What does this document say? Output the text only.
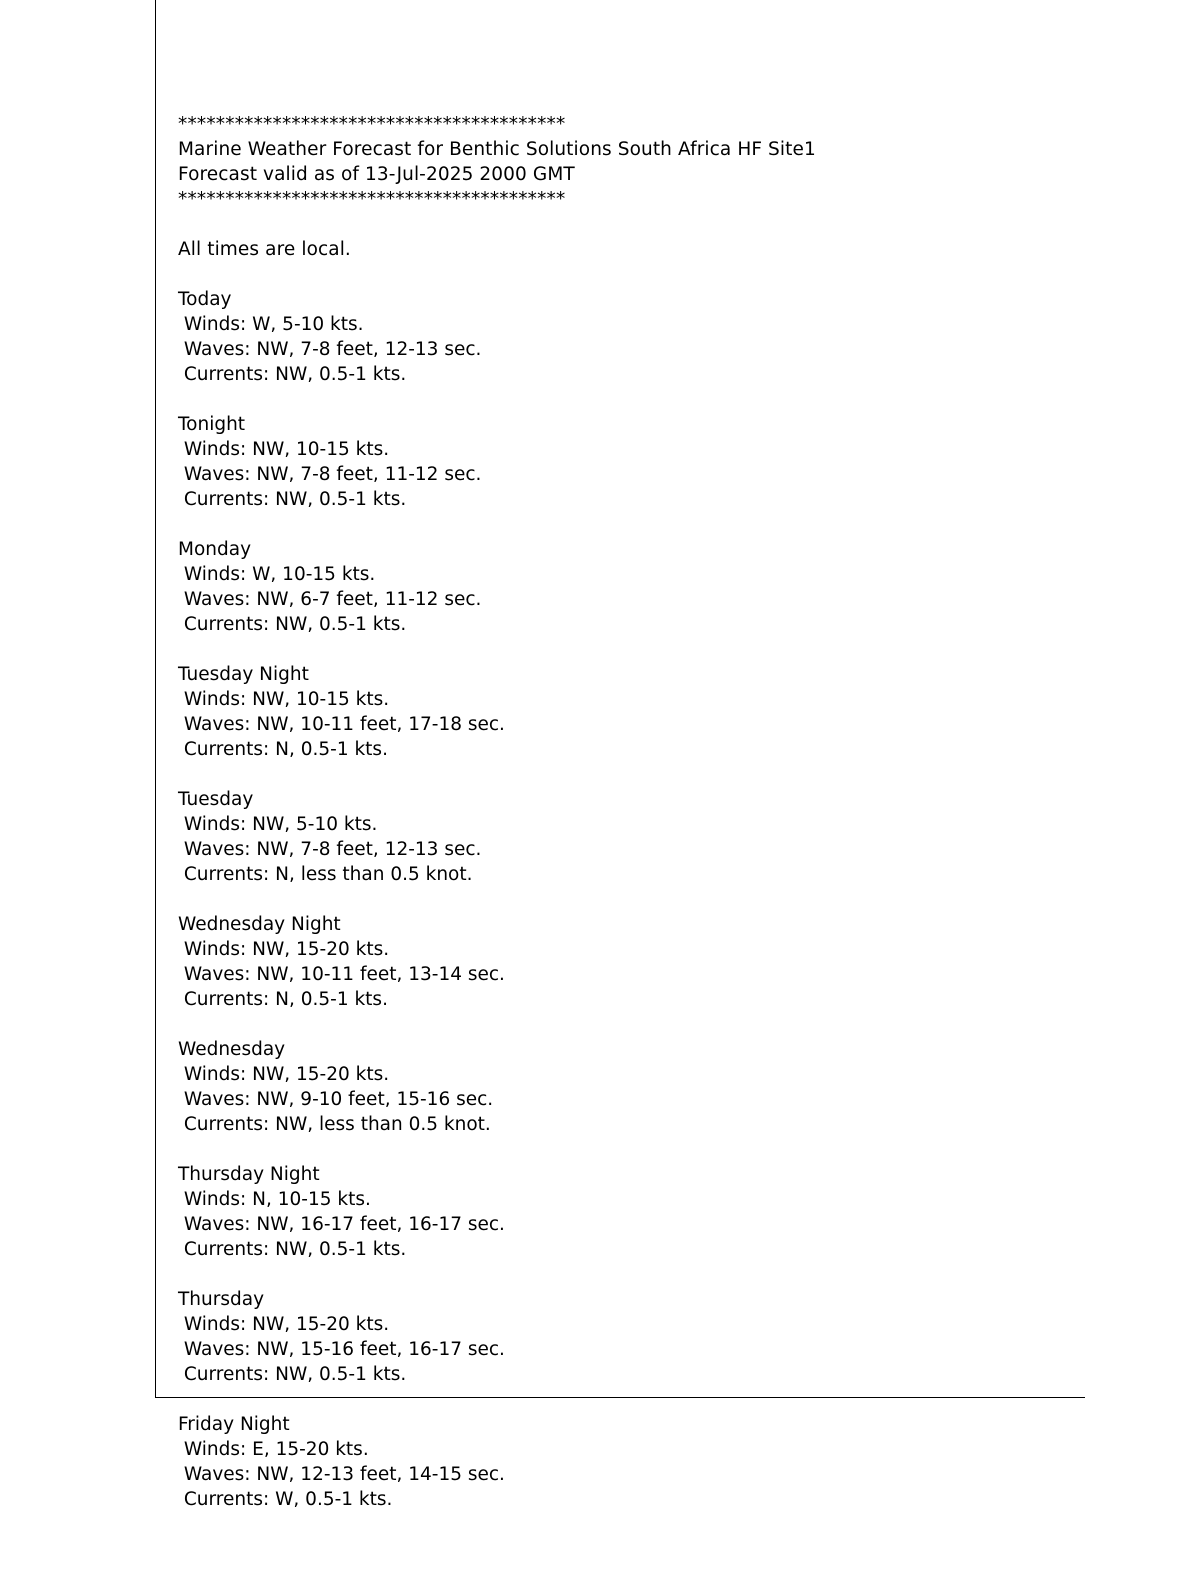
*****************************************
Marine Weather Forecast for Benthic Solutions South Africa HF Site1
Forecast valid as of 13-Jul-2025 2000 GMT
*****************************************
All times are local.
Today
Winds: W, 5-10 kts.
Waves: NW, 7-8 feet, 12-13 sec.
Currents: NW, 0.5-1 kts.
Tonight
Winds: NW, 10-15 kts.
Waves: NW, 7-8 feet, 11-12 sec.
Currents: NW, 0.5-1 kts.
Monday
Winds: W, 10-15 kts.
Waves: NW, 6-7 feet, 11-12 sec.
Currents: NW, 0.5-1 kts.
Tuesday Night
Winds: NW, 10-15 kts.
Waves: NW, 10-11 feet, 17-18 sec.
Currents: N, 0.5-1 kts.
Tuesday
Winds: NW, 5-10 kts.
Waves: NW, 7-8 feet, 12-13 sec.
Currents: N, less than 0.5 knot.
Wednesday Night
Winds: NW, 15-20 kts.
Waves: NW, 10-11 feet, 13-14 sec.
Currents: N, 0.5-1 kts.
Wednesday
Winds: NW, 15-20 kts.
Waves: NW, 9-10 feet, 15-16 sec.
Currents: NW, less than 0.5 knot.
Thursday Night
Winds: N, 10-15 kts.
Waves: NW, 16-17 feet, 16-17 sec.
Currents: NW, 0.5-1 kts.
Thursday
Winds: NW, 15-20 kts.
Waves: NW, 15-16 feet, 16-17 sec.
Currents: NW, 0.5-1 kts.
Friday Night
Winds: E, 15-20 kts.
Waves: NW, 12-13 feet, 14-15 sec.
Currents: W, 0.5-1 kts.
